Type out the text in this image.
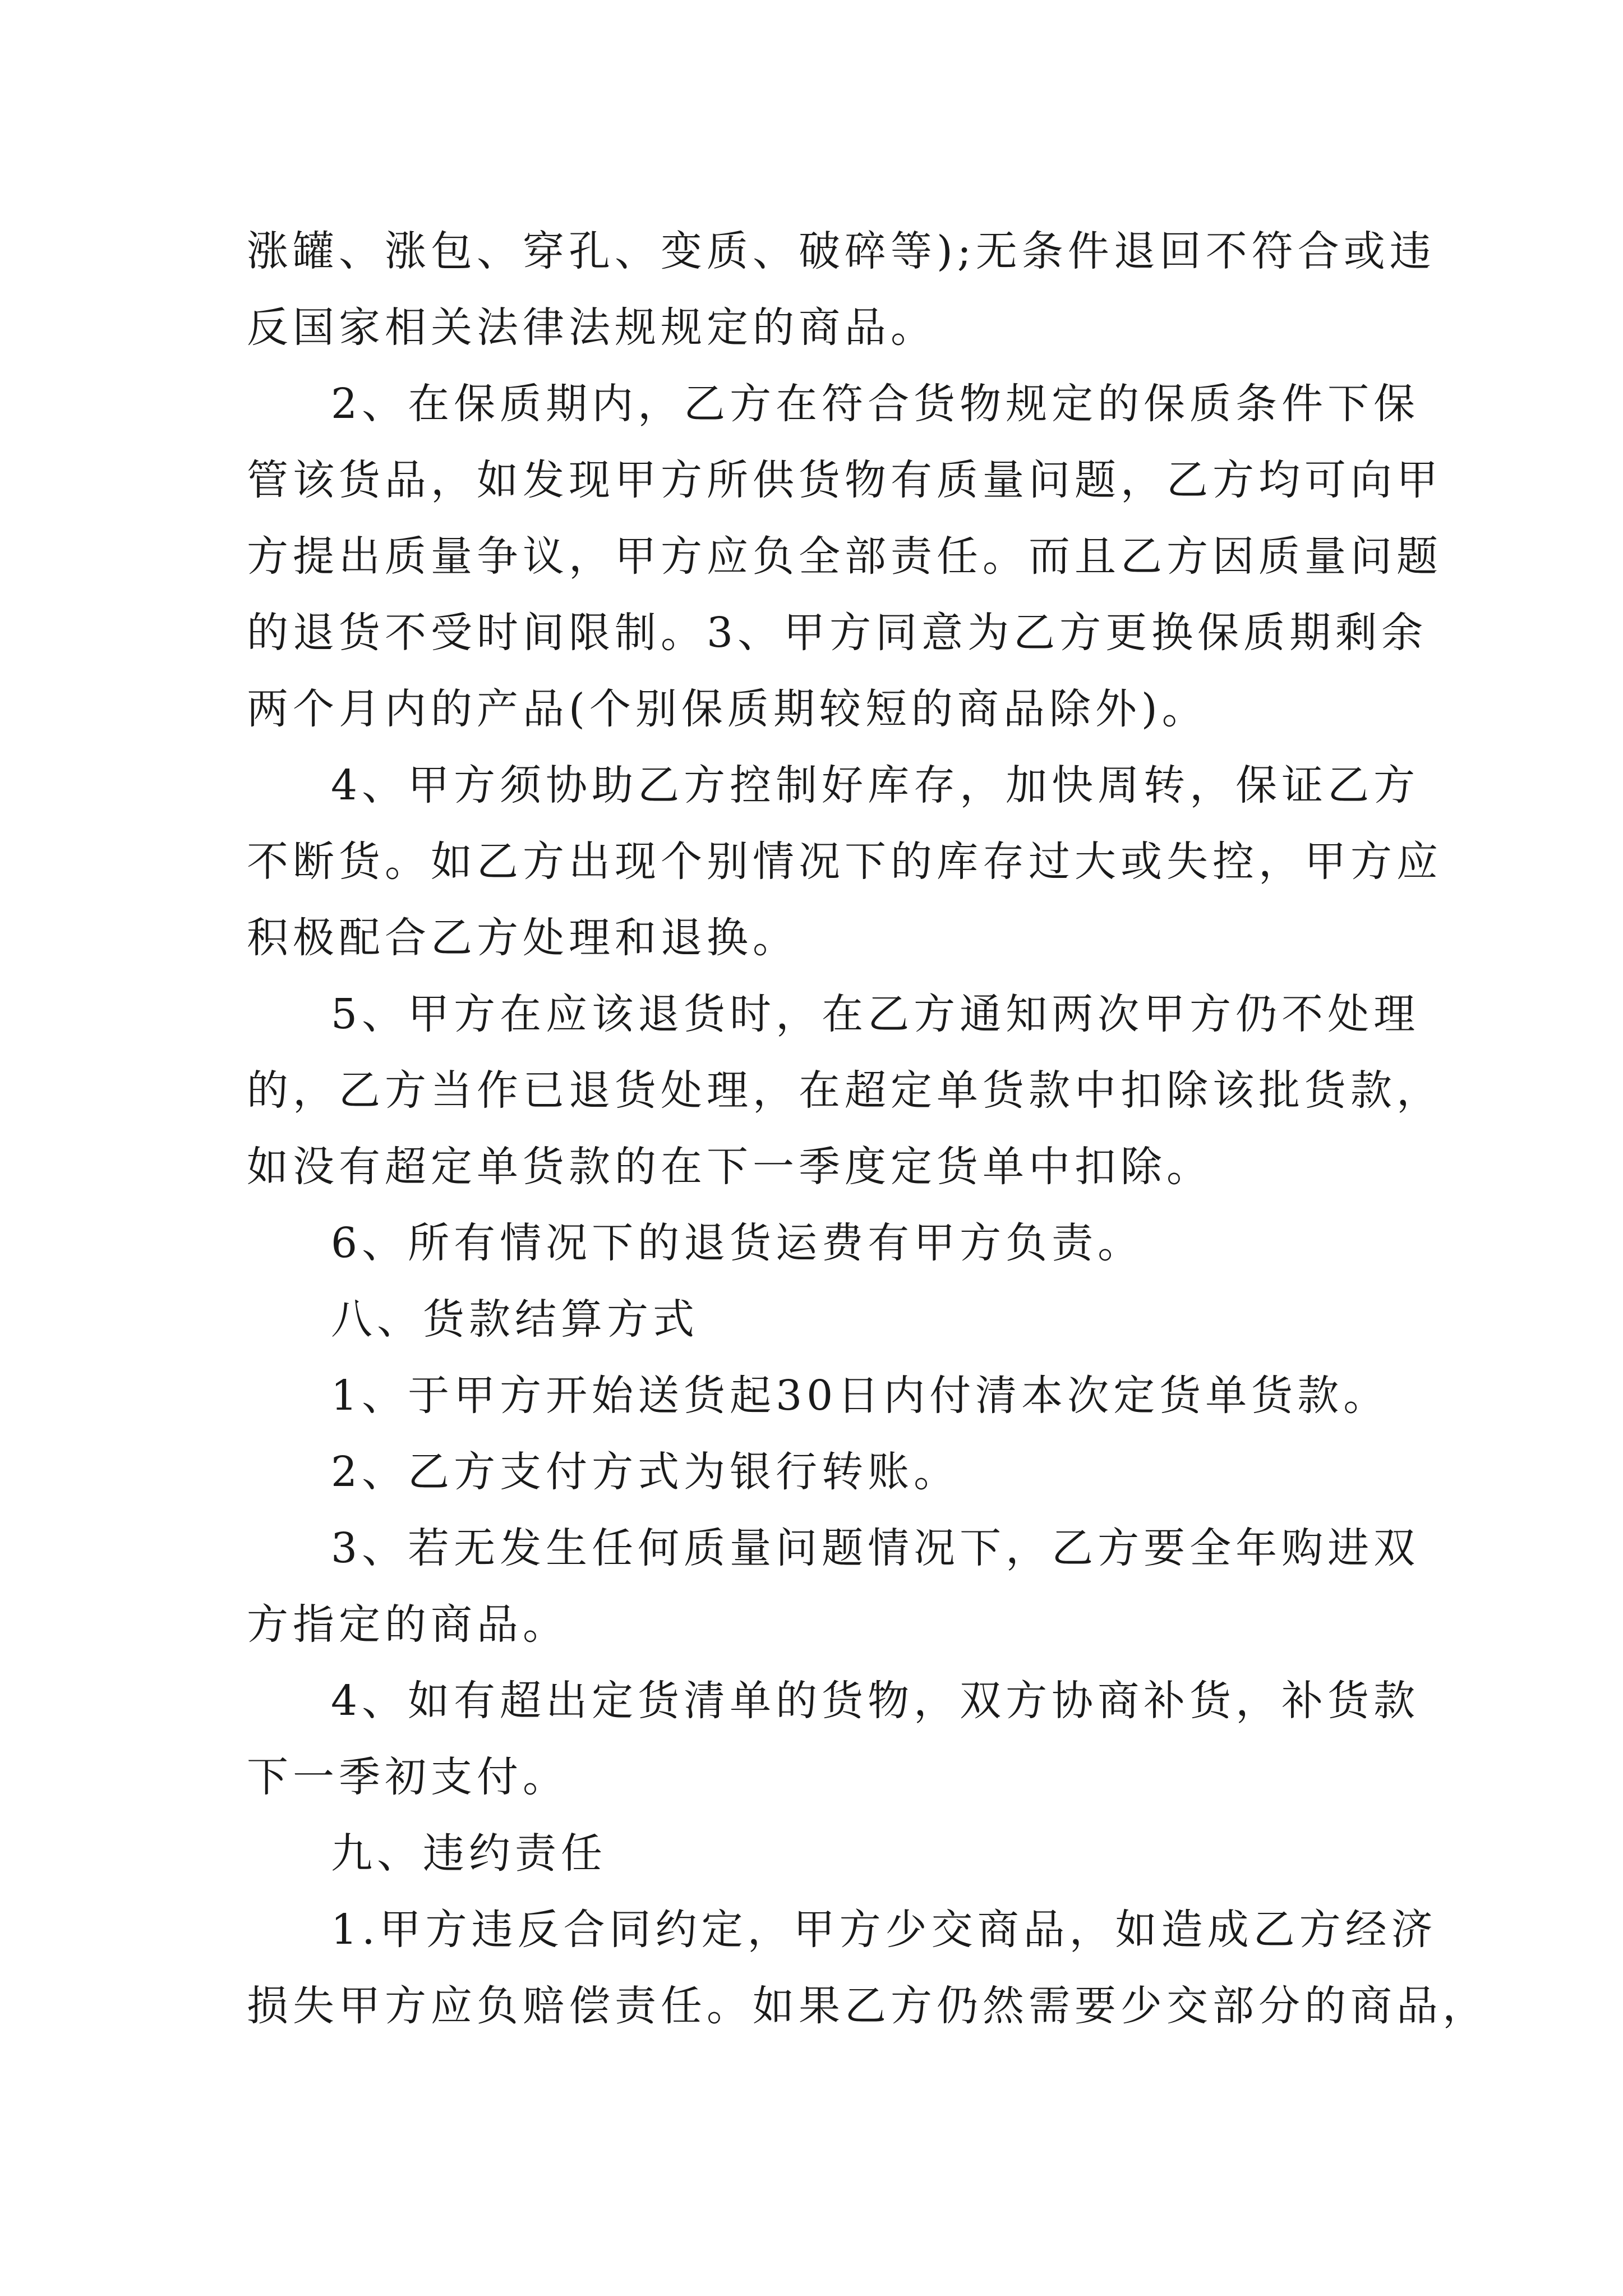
涨罐、涨包、穿孔、变质、破碎等);无条件退回不符合或违
反国家相关法律法规规定的商品。
2、在保质期内，乙方在符合货物规定的保质条件下保
管该货品，如发现甲方所供货物有质量问题，乙方均可向甲
方提出质量争议，甲方应负全部责任。而且乙方因质量问题
的退货不受时间限制。3、甲方同意为乙方更换保质期剩余
两个月内的产品(个别保质期较短的商品除外)。
4、甲方须协助乙方控制好库存，加快周转，保证乙方
不断货。如乙方出现个别情况下的库存过大或失控，甲方应
积极配合乙方处理和退换。
5、甲方在应该退货时，在乙方通知两次甲方仍不处理
的，乙方当作已退货处理，在超定单货款中扣除该批货款，
如没有超定单货款的在下一季度定货单中扣除。
6、所有情况下的退货运费有甲方负责。
八、货款结算方式
1、于甲方开始送货起30日内付清本次定货单货款。
2、乙方支付方式为银行转账。
3、若无发生任何质量问题情况下，乙方要全年购进双
方指定的商品。
4、如有超出定货清单的货物，双方协商补货，补货款
下一季初支付。
九、违约责任
1.甲方违反合同约定，甲方少交商品，如造成乙方经济
损失甲方应负赔偿责任。如果乙方仍然需要少交部分的商品，
